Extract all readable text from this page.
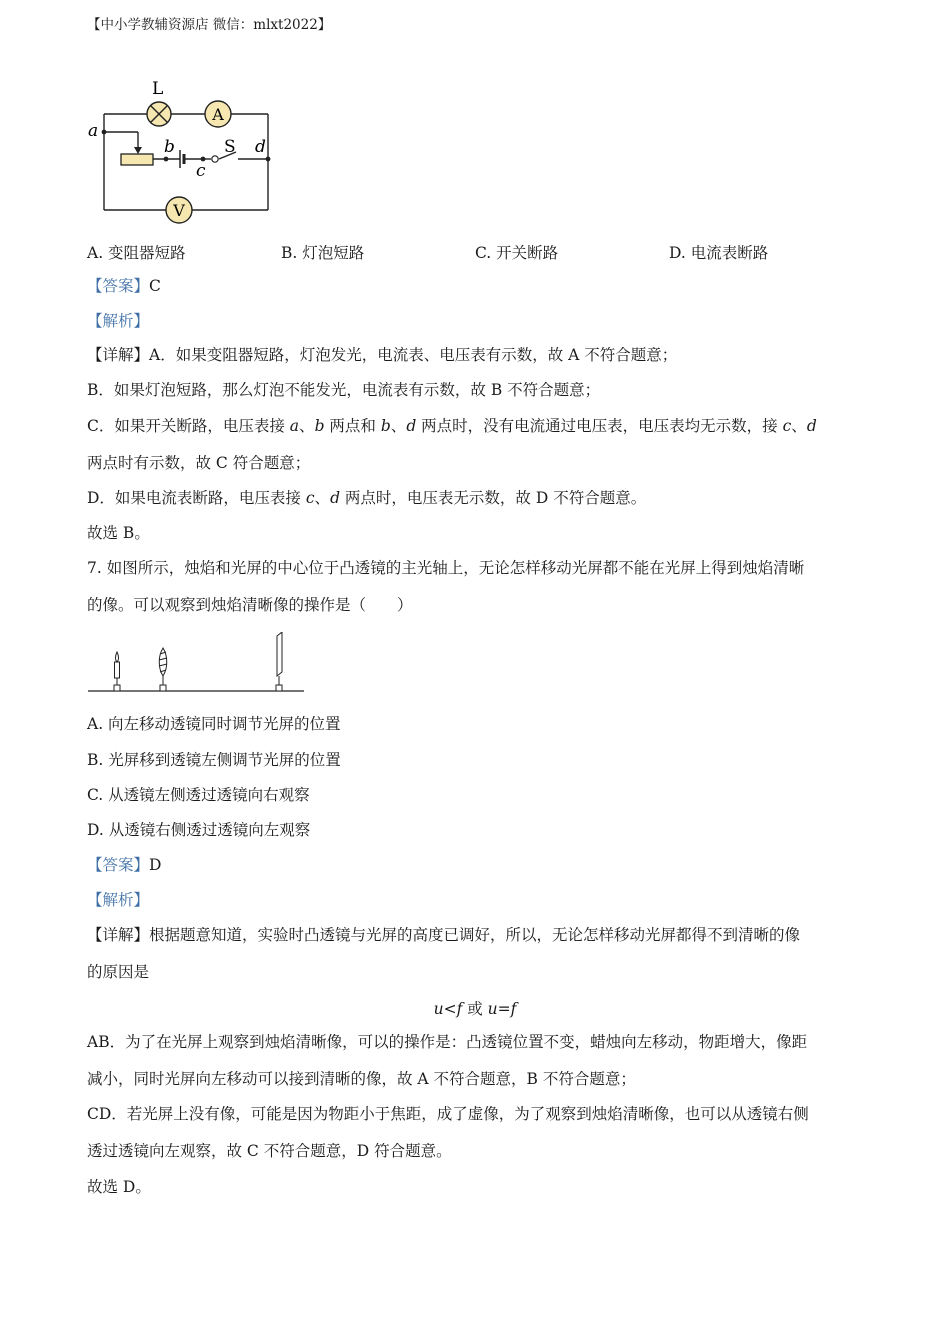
【中小学教辅资源店 微信：mlxt2022】
A
V
L
S
a
b
c
d
A. 变阻器短路	B. 灯泡短路	C. 开关断路	D. 电流表断路
【答案】C
【解析】
【详解】A．如果变阻器短路，灯泡发光，电流表、电压表有示数，故 A 不符合题意；
B．如果灯泡短路，那么灯泡不能发光，电流表有示数，故 B 不符合题意；
C．如果开关断路，电压表接 a、b 两点和 b、d 两点时，没有电流通过电压表，电压表均无示数，接 c、d
两点时有示数，故 C 符合题意；
D．如果电流表断路，电压表接 c、d 两点时，电压表无示数，故 D 不符合题意。
故选 B。
7. 如图所示，烛焰和光屏的中心位于凸透镜的主光轴上，无论怎样移动光屏都不能在光屏上得到烛焰清晰
的像。可以观察到烛焰清晰像的操作是（　　）
A. 向左移动透镜同时调节光屏的位置
B. 光屏移到透镜左侧调节光屏的位置
C. 从透镜左侧透过透镜向右观察
D. 从透镜右侧透过透镜向左观察
【答案】D
【解析】
【详解】根据题意知道，实验时凸透镜与光屏的高度已调好，所以，无论怎样移动光屏都得不到清晰的像
的原因是
u<f 或 u=f
AB．为了在光屏上观察到烛焰清晰像，可以的操作是：凸透镜位置不变，蜡烛向左移动，物距增大，像距
减小，同时光屏向左移动可以接到清晰的像，故 A 不符合题意，B 不符合题意；
CD．若光屏上没有像，可能是因为物距小于焦距，成了虚像，为了观察到烛焰清晰像，也可以从透镜右侧
透过透镜向左观察，故 C 不符合题意，D 符合题意。
故选 D。
